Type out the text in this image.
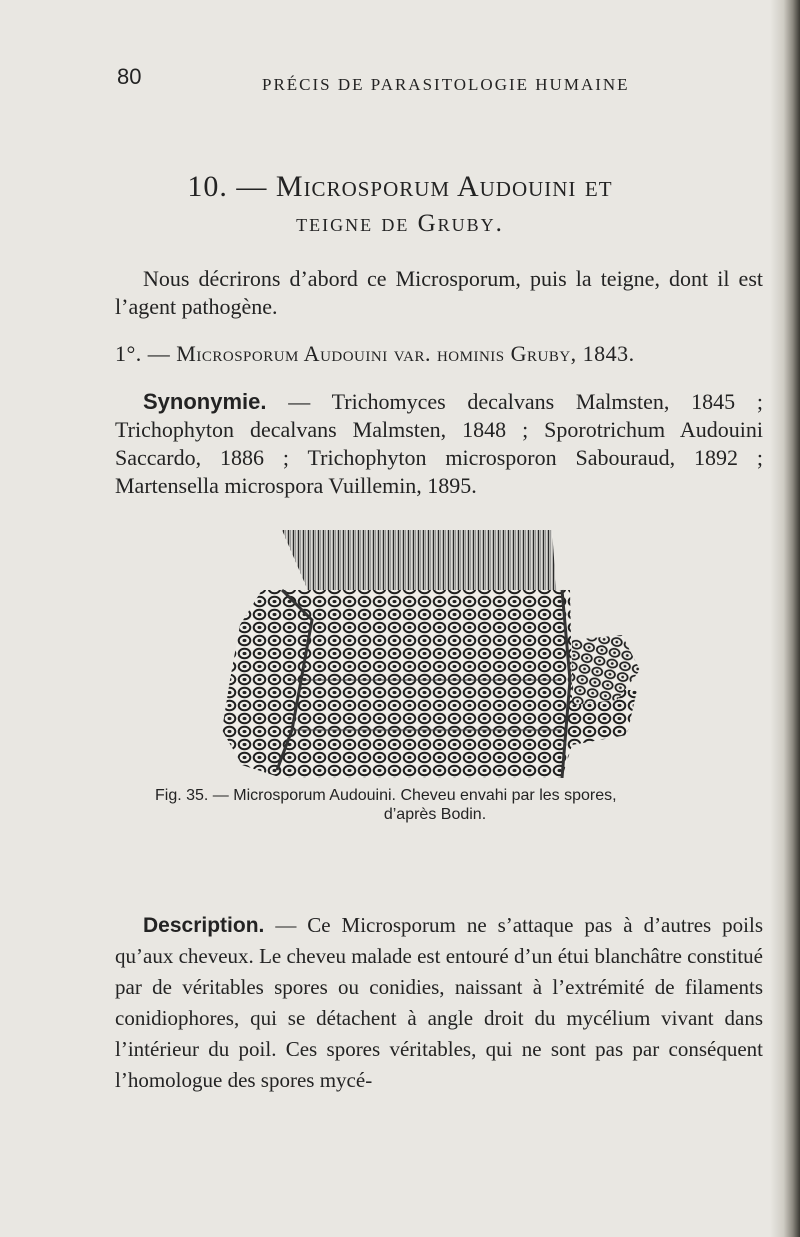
80	PRÉCIS DE PARASITOLOGIE HUMAINE
10. — Microsporum Audouini et
teigne de Gruby.
Nous décrirons d’abord ce Microsporum, puis la teigne, dont il est l’agent pathogène.
1°. — Microsporum Audouini var. hominis Gruby, 1843.
Synonymie. — Trichomyces decalvans Malmsten, 1845 ; Trichophyton decalvans Malmsten, 1848 ; Sporotrichum Audouini Saccardo, 1886 ; Trichophyton microsporon Sabouraud, 1892 ; Martensella microspora Vuillemin, 1895.
Fig. 35. — Microsporum Audouini. Cheveu envahi par les spores,
d’après Bodin.
Description. — Ce Microsporum ne s’attaque pas à d’autres poils qu’aux cheveux. Le cheveu malade est entouré d’un étui blanchâtre constitué par de véritables spores ou conidies, naissant à l’extrémité de filaments conidiophores, qui se détachent à angle droit du mycélium vivant dans l’intérieur du poil. Ces spores véritables, qui ne sont pas par conséquent l’homologue des spores mycé-
